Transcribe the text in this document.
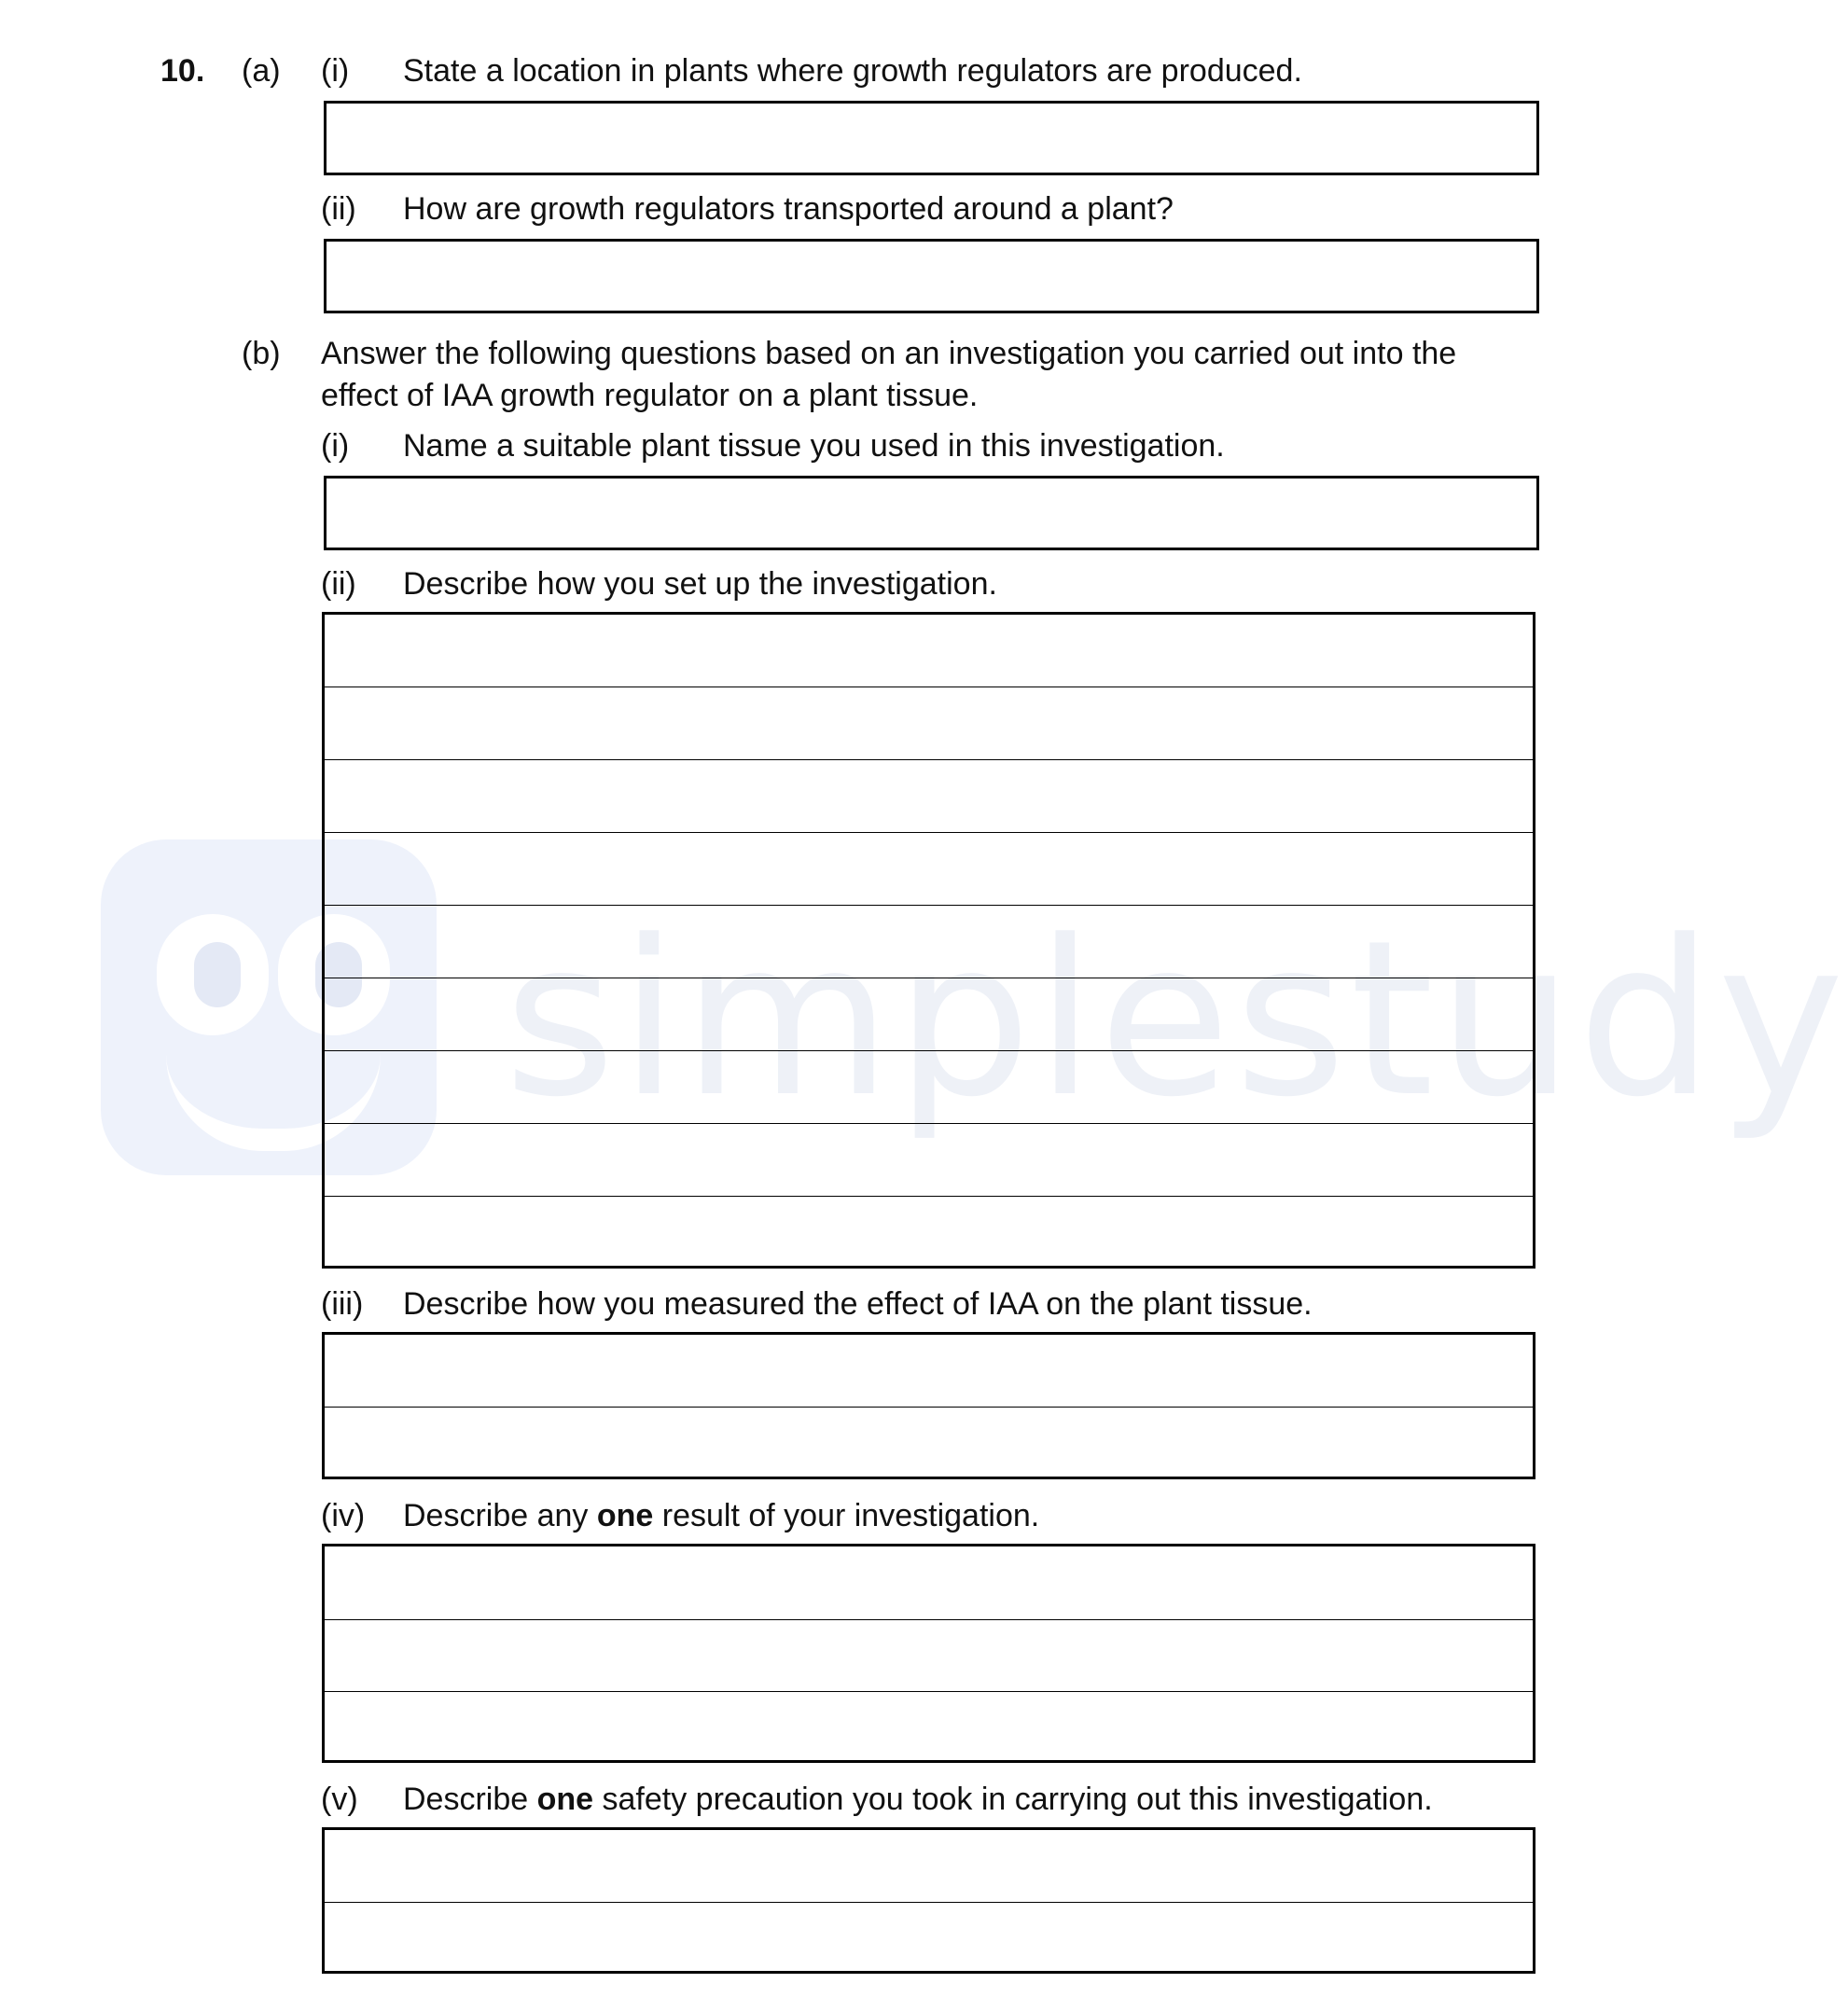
simplestudy
10. (a) (i) State a location in plants where growth regulators are produced.
(ii) How are growth regulators transported around a plant?
(b) Answer the following questions based on an investigation you carried out into the
effect of IAA growth regulator on a plant tissue.
(i) Name a suitable plant tissue you used in this investigation.
(ii) Describe how you set up the investigation.
(iii) Describe how you measured the effect of IAA on the plant tissue.
(iv) Describe any one result of your investigation.
(v) Describe one safety precaution you took in carrying out this investigation.
